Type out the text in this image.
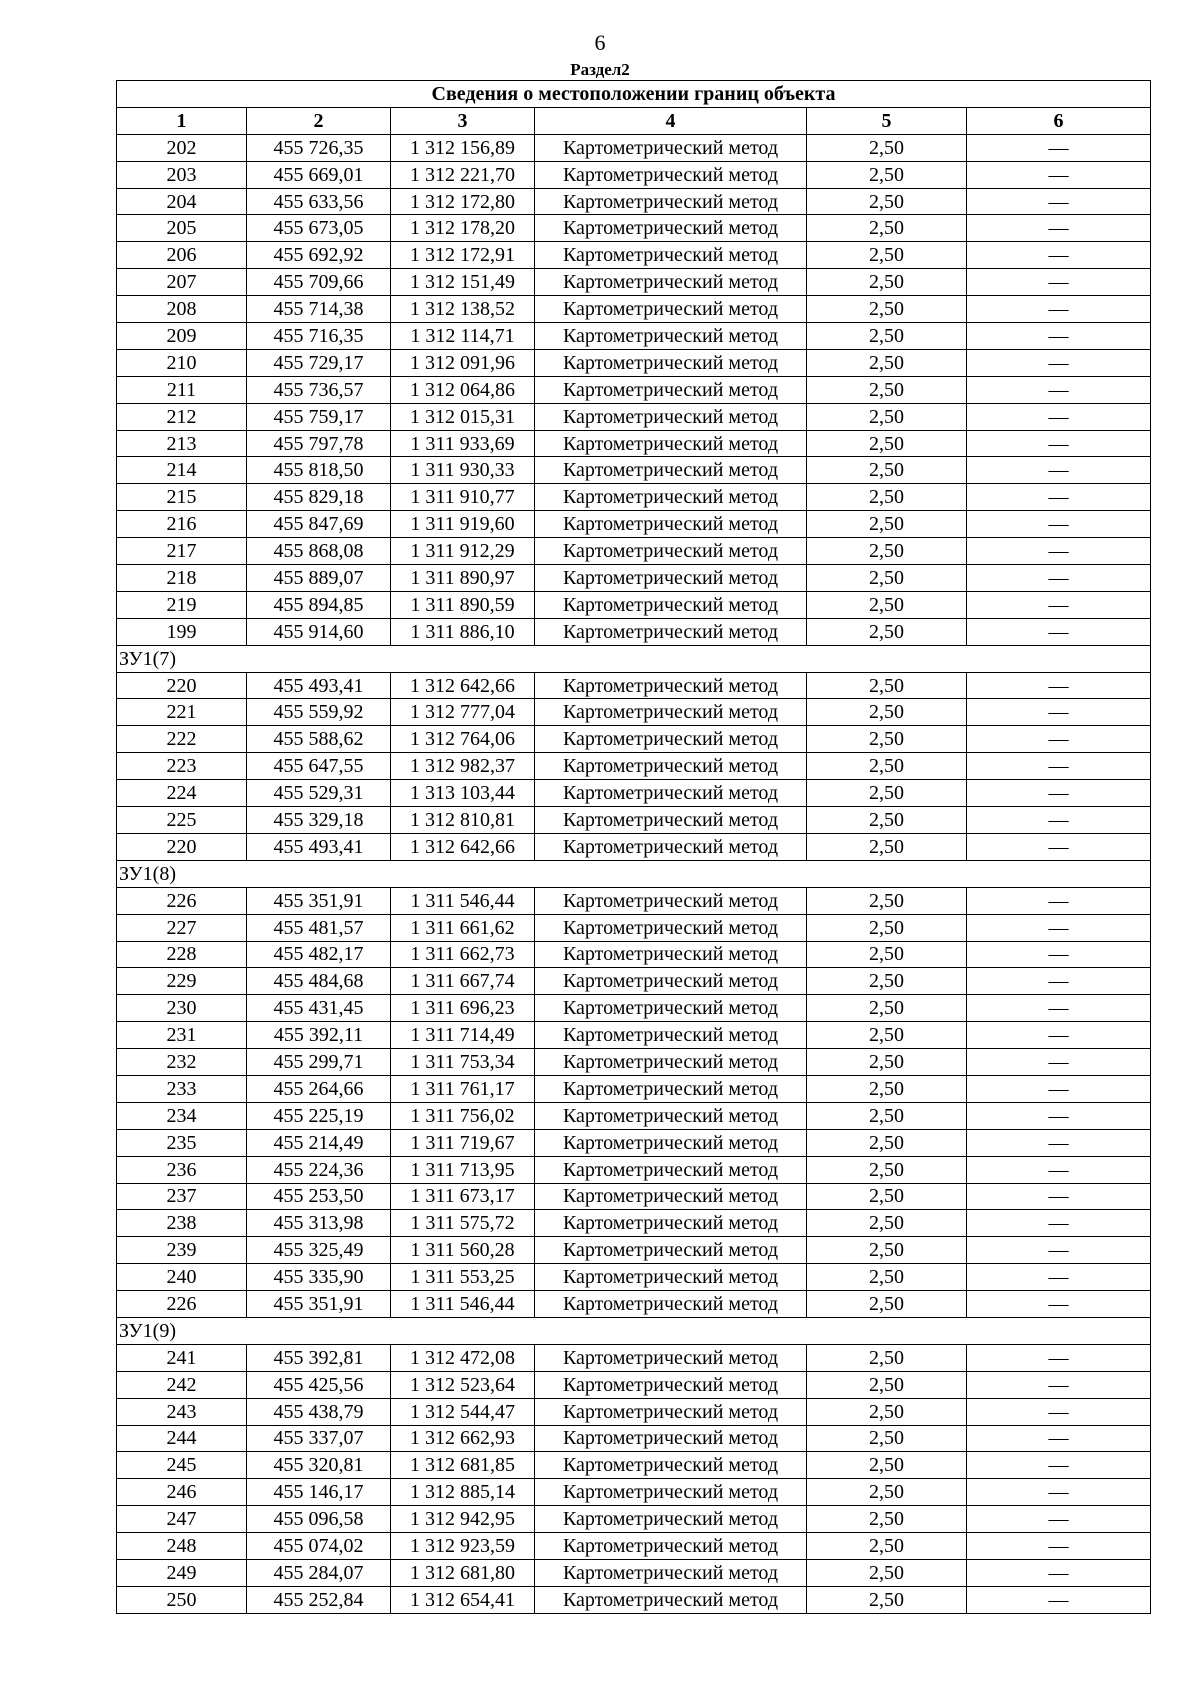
6
Раздел2
Сведения о местоположении границ объекта					
1	2	3	4	5	6
202	455 726,35	1 312 156,89	Картометрический метод	2,50	—
203	455 669,01	1 312 221,70	Картометрический метод	2,50	—
204	455 633,56	1 312 172,80	Картометрический метод	2,50	—
205	455 673,05	1 312 178,20	Картометрический метод	2,50	—
206	455 692,92	1 312 172,91	Картометрический метод	2,50	—
207	455 709,66	1 312 151,49	Картометрический метод	2,50	—
208	455 714,38	1 312 138,52	Картометрический метод	2,50	—
209	455 716,35	1 312 114,71	Картометрический метод	2,50	—
210	455 729,17	1 312 091,96	Картометрический метод	2,50	—
211	455 736,57	1 312 064,86	Картометрический метод	2,50	—
212	455 759,17	1 312 015,31	Картометрический метод	2,50	—
213	455 797,78	1 311 933,69	Картометрический метод	2,50	—
214	455 818,50	1 311 930,33	Картометрический метод	2,50	—
215	455 829,18	1 311 910,77	Картометрический метод	2,50	—
216	455 847,69	1 311 919,60	Картометрический метод	2,50	—
217	455 868,08	1 311 912,29	Картометрический метод	2,50	—
218	455 889,07	1 311 890,97	Картометрический метод	2,50	—
219	455 894,85	1 311 890,59	Картометрический метод	2,50	—
199	455 914,60	1 311 886,10	Картометрический метод	2,50	—
ЗУ1(7)					
220	455 493,41	1 312 642,66	Картометрический метод	2,50	—
221	455 559,92	1 312 777,04	Картометрический метод	2,50	—
222	455 588,62	1 312 764,06	Картометрический метод	2,50	—
223	455 647,55	1 312 982,37	Картометрический метод	2,50	—
224	455 529,31	1 313 103,44	Картометрический метод	2,50	—
225	455 329,18	1 312 810,81	Картометрический метод	2,50	—
220	455 493,41	1 312 642,66	Картометрический метод	2,50	—
ЗУ1(8)					
226	455 351,91	1 311 546,44	Картометрический метод	2,50	—
227	455 481,57	1 311 661,62	Картометрический метод	2,50	—
228	455 482,17	1 311 662,73	Картометрический метод	2,50	—
229	455 484,68	1 311 667,74	Картометрический метод	2,50	—
230	455 431,45	1 311 696,23	Картометрический метод	2,50	—
231	455 392,11	1 311 714,49	Картометрический метод	2,50	—
232	455 299,71	1 311 753,34	Картометрический метод	2,50	—
233	455 264,66	1 311 761,17	Картометрический метод	2,50	—
234	455 225,19	1 311 756,02	Картометрический метод	2,50	—
235	455 214,49	1 311 719,67	Картометрический метод	2,50	—
236	455 224,36	1 311 713,95	Картометрический метод	2,50	—
237	455 253,50	1 311 673,17	Картометрический метод	2,50	—
238	455 313,98	1 311 575,72	Картометрический метод	2,50	—
239	455 325,49	1 311 560,28	Картометрический метод	2,50	—
240	455 335,90	1 311 553,25	Картометрический метод	2,50	—
226	455 351,91	1 311 546,44	Картометрический метод	2,50	—
ЗУ1(9)					
241	455 392,81	1 312 472,08	Картометрический метод	2,50	—
242	455 425,56	1 312 523,64	Картометрический метод	2,50	—
243	455 438,79	1 312 544,47	Картометрический метод	2,50	—
244	455 337,07	1 312 662,93	Картометрический метод	2,50	—
245	455 320,81	1 312 681,85	Картометрический метод	2,50	—
246	455 146,17	1 312 885,14	Картометрический метод	2,50	—
247	455 096,58	1 312 942,95	Картометрический метод	2,50	—
248	455 074,02	1 312 923,59	Картометрический метод	2,50	—
249	455 284,07	1 312 681,80	Картометрический метод	2,50	—
250	455 252,84	1 312 654,41	Картометрический метод	2,50	—
